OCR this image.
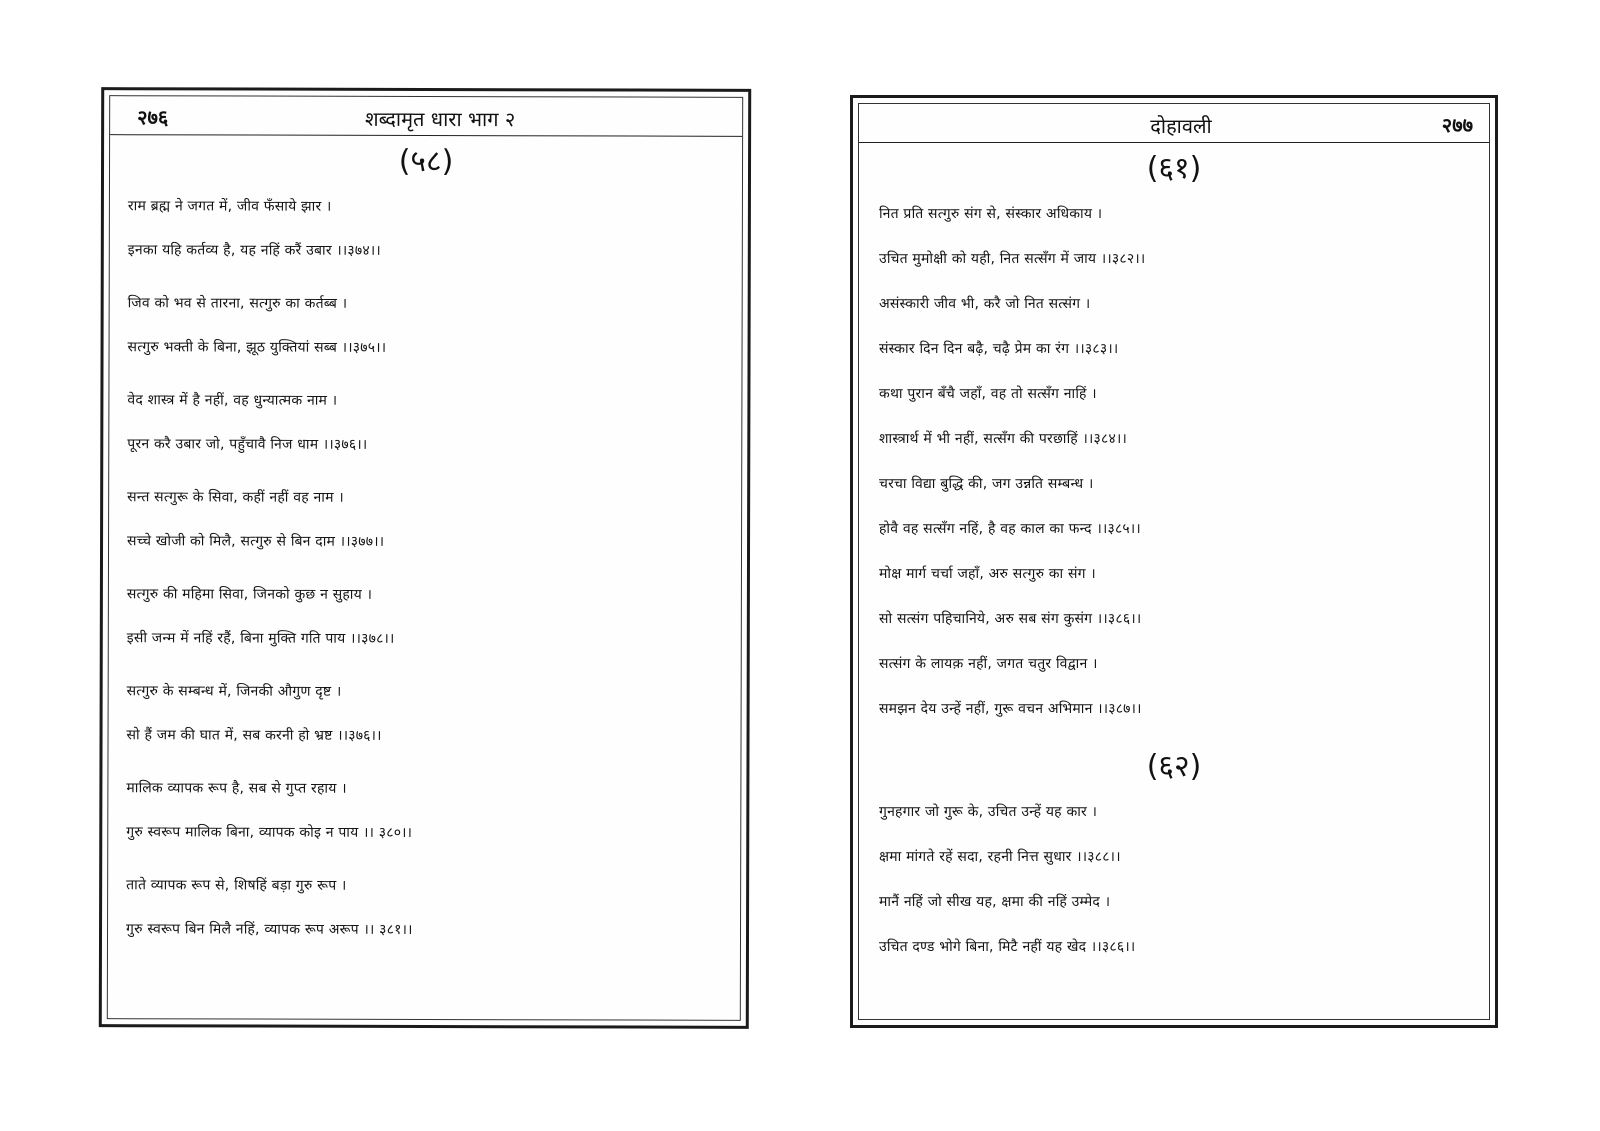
२७६	शब्दामृत धारा भाग २
(५८)
राम ब्रह्म ने जगत में, जीव फँसाये झार ।
इनका यहि कर्तव्य है, यह नहिं करैं उबार ।।३७४।।
जिव को भव से तारना, सत्गुरु का कर्तब्ब ।
सत्गुरु भक्ती के बिना, झूठ युक्तियां सब्ब ।।३७५।।
वेद शास्त्र में है नहीं, वह धुन्यात्मक नाम ।
पूरन करै उबार जो, पहुँचावै निज धाम ।।३७६।।
सन्त सत्गुरू के सिवा, कहीं नहीं वह नाम ।
सच्चे खोजी को मिलै, सत्गुरु से बिन दाम ।।३७७।।
सत्गुरु की महिमा सिवा, जिनको कुछ न सुहाय ।
इसी जन्म में नहिं रहैं, बिना मुक्ति गति पाय ।।३७८।।
सत्गुरु के सम्बन्ध में, जिनकी औगुण दृष्ट ।
सो हैं जम की घात में, सब करनी हो भ्रष्ट ।।३७६।।
मालिक व्यापक रूप है, सब से गुप्त रहाय ।
गुरु स्वरूप मालिक बिना, व्यापक कोइ न पाय ।। ३८०।।
ताते व्यापक रूप से, शिषहिं बड़ा गुरु रूप ।
गुरु स्वरूप बिन मिलै नहिं, व्यापक रूप अरूप ।। ३८१।।
दोहावली	२७७
(६१)
नित प्रति सत्गुरु संग से, संस्कार अधिकाय ।
उचित मुमोक्षी को यही, नित सत्सँग में जाय ।।३८२।।
असंस्कारी जीव भी, करै जो नित सत्संग ।
संस्कार दिन दिन बढ़ै, चढ़ै प्रेम का रंग ।।३८३।।
कथा पुरान बँचै जहाँ, वह तो सत्सँग नाहिं ।
शास्त्रार्थ में भी नहीं, सत्सँग की परछाहिं ।।३८४।।
चरचा विद्या बुद्धि की, जग उन्नति सम्बन्ध ।
होवै वह सत्सँग नहिं, है वह काल का फन्द ।।३८५।।
मोक्ष मार्ग चर्चा जहाँ, अरु सत्गुरु का संग ।
सो सत्संग पहिचानिये, अरु सब संग कुसंग ।।३८६।।
सत्संग के लायक़ नहीं, जगत चतुर विद्वान ।
समझन देय उन्हें नहीं, गुरू वचन अभिमान ।।३८७।।
(६२)
गुनहगार जो गुरू के, उचित उन्हें यह कार ।
क्षमा मांगते रहें सदा, रहनी नित्त सुधार ।।३८८।।
मानैं नहिं जो सीख यह, क्षमा की नहिं उम्मेद ।
उचित दण्ड भोगे बिना, मिटै नहीं यह खेद ।।३८६।।
